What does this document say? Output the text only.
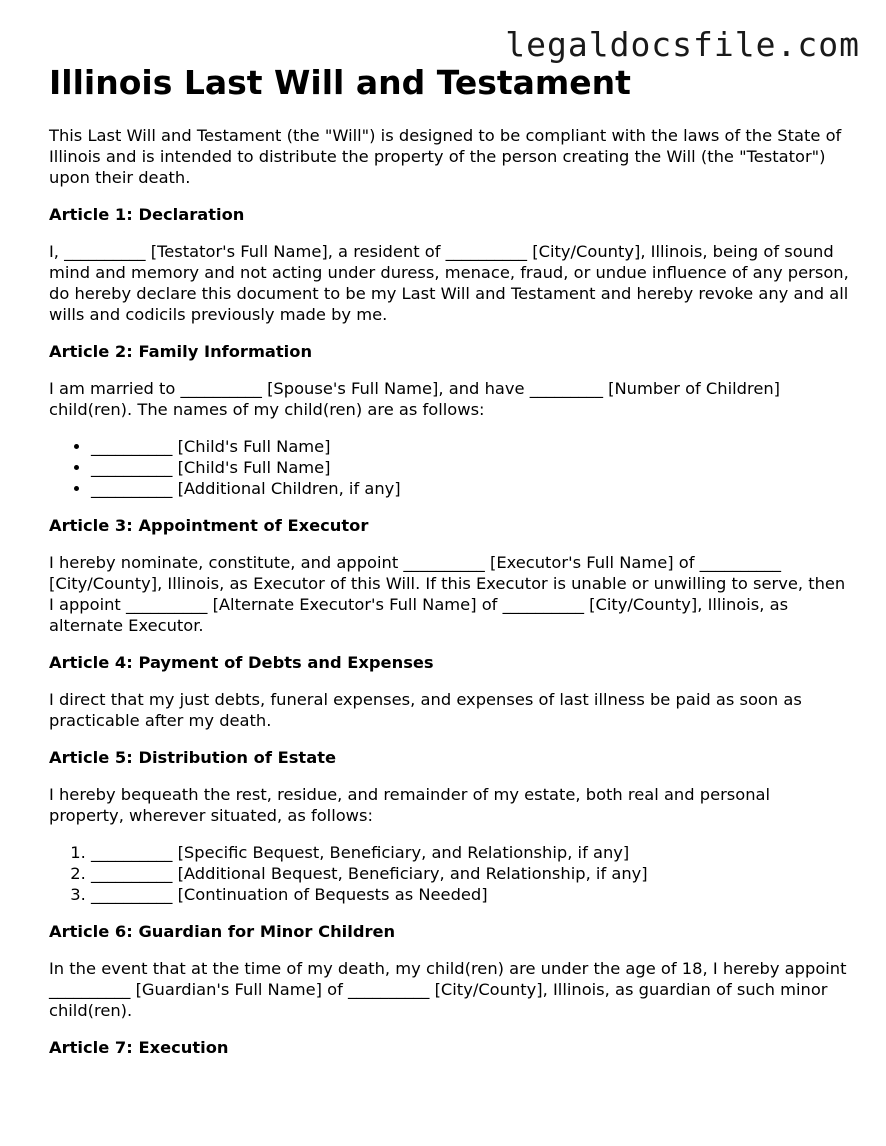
legaldocsfile.com
Illinois Last Will and Testament

This Last Will and Testament (the "Will") is designed to be compliant with the laws of the State of Illinois and is intended to distribute the property of the person creating the Will (the "Testator") upon their death.

Article 1: Declaration

I, __________ [Testator's Full Name], a resident of __________ [City/County], Illinois, being of sound mind and memory and not acting under duress, menace, fraud, or undue influence of any person, do hereby declare this document to be my Last Will and Testament and hereby revoke any and all wills and codicils previously made by me.

Article 2: Family Information

I am married to __________ [Spouse's Full Name], and have _________ [Number of Children] child(ren). The names of my child(ren) are as follows:

• __________ [Child's Full Name]
• __________ [Child's Full Name]
• __________ [Additional Children, if any]
Article 3: Appointment of Executor

I hereby nominate, constitute, and appoint __________ [Executor's Full Name] of __________ [City/County], Illinois, as Executor of this Will. If this Executor is unable or unwilling to serve, then I appoint __________ [Alternate Executor's Full Name] of __________ [City/County], Illinois, as alternate Executor.

Article 4: Payment of Debts and Expenses

I direct that my just debts, funeral expenses, and expenses of last illness be paid as soon as practicable after my death.

Article 5: Distribution of Estate

I hereby bequeath the rest, residue, and remainder of my estate, both real and personal property, wherever situated, as follows:

1. __________ [Specific Bequest, Beneficiary, and Relationship, if any]
2. __________ [Additional Bequest, Beneficiary, and Relationship, if any]
3. __________ [Continuation of Bequests as Needed]
Article 6: Guardian for Minor Children

In the event that at the time of my death, my child(ren) are under the age of 18, I hereby appoint __________ [Guardian's Full Name] of __________ [City/County], Illinois, as guardian of such minor child(ren).

Article 7: Execution
